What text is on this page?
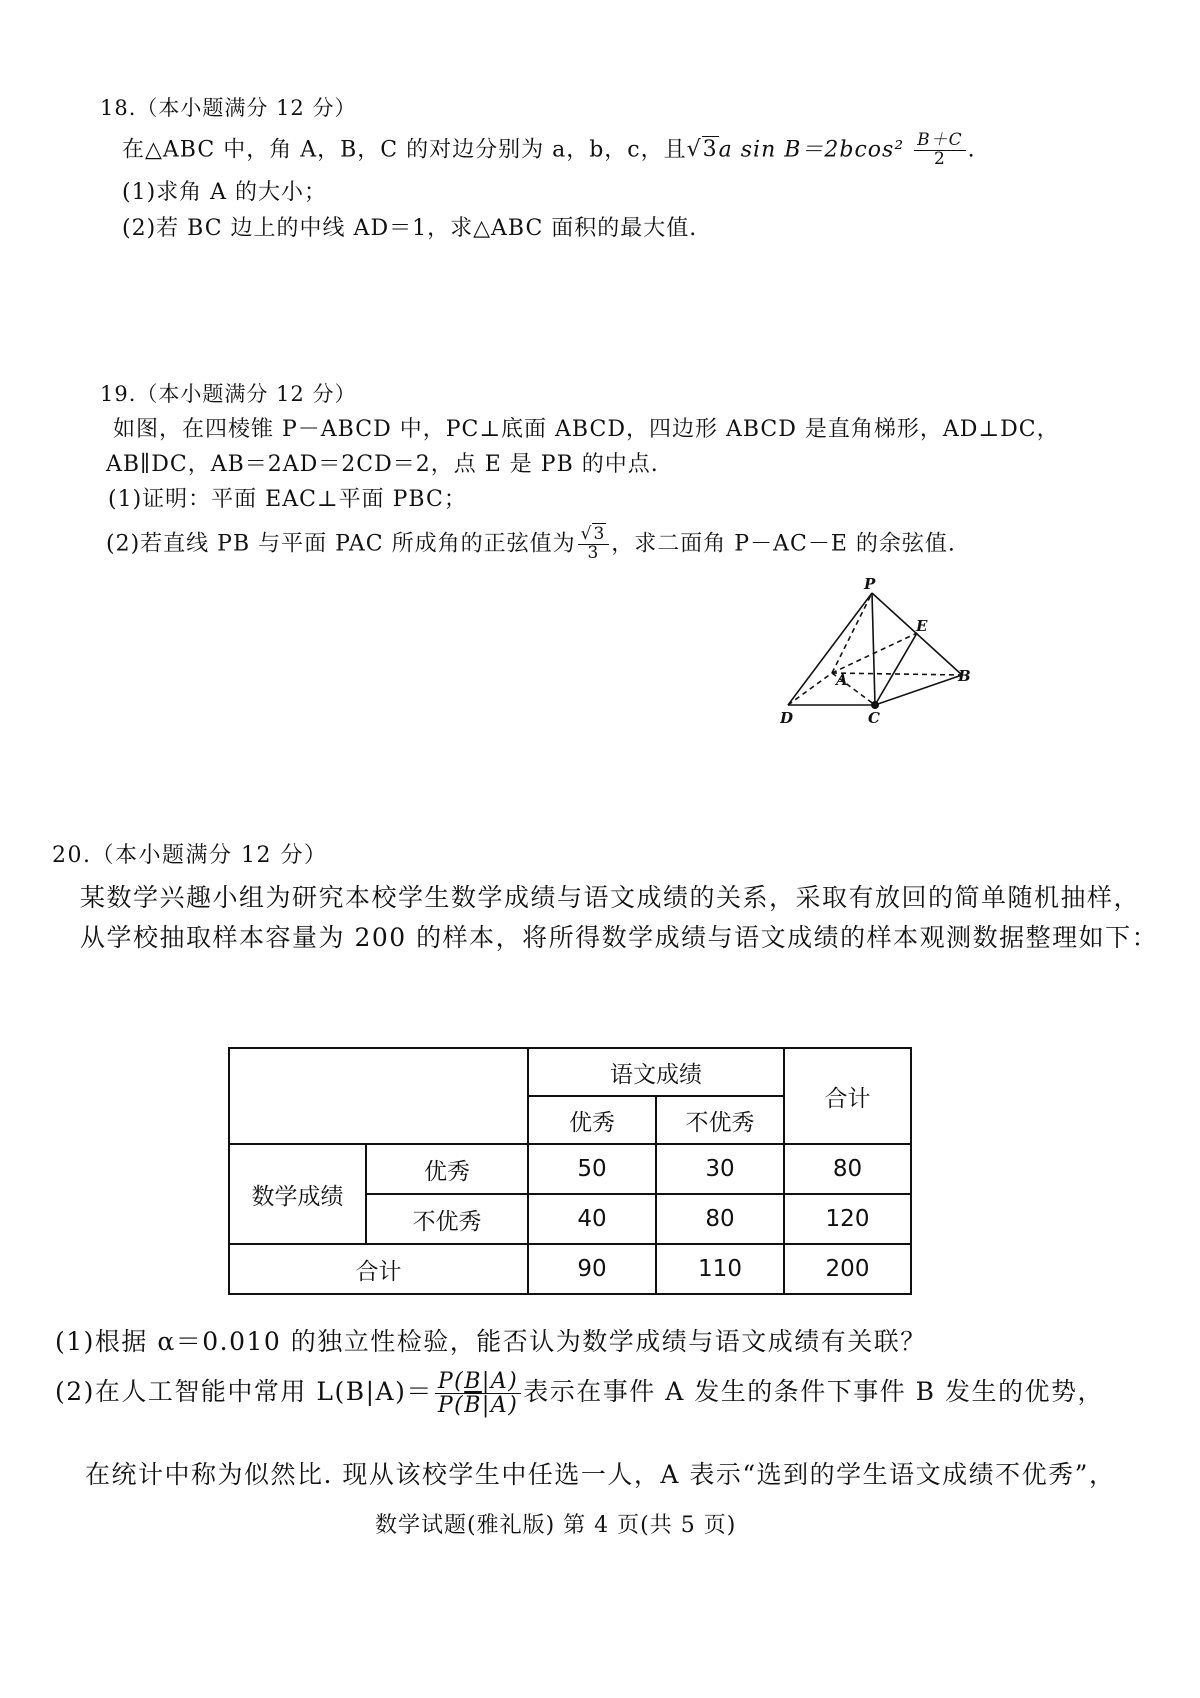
18.（本小题满分 12 分）
在△ABC 中，角 A，B，C 的对边分别为 a，b，c，且√3a $\sin B=2bcos^2 \frac{B+C}{2}$ .
(1)求角 A 的大小；
(2)若 BC 边上的中线 AD＝1，求△ABC 面积的最大值.
19.（本小题满分 12 分）
如图，在四棱锥 P－ABCD 中，PC⊥底面 ABCD，四边形 ABCD 是直角梯形，AD⊥DC，
AB∥DC，AB＝2AD＝2CD＝2，点 E 是 PB 的中点.
(1)证明：平面 EAC⊥平面 PBC；
(2)若直线 PB 与平面 PAC 所成角的正弦值为 $\frac{√3}{3}$ ，求二面角 P－AC－E 的余弦值.
P
E
A	B
C
D
20.（本小题满分 12 分）
某数学兴趣小组为研究本校学生数学成绩与语文成绩的关系，采取有放回的简单随机抽样，
从学校抽取样本容量为 200 的样本，将所得数学成绩与语文成绩的样本观测数据整理如下：
		语文成绩		合计
		优秀	不优秀	
数学成绩	优秀	50	30	80
	不优秀	40	80	120
合计		90	110	200
(1)根据 α＝0.010 的独立性检验，能否认为数学成绩与语文成绩有关联？
(2)在人工智能中常用 $L(B|A)= \frac{P(B|A)}{P(\overline{B}|A)}$ 表示在事件 A 发生的条件下事件 B 发生的优势，
在统计中称为似然比. 现从该校学生中任选一人，A 表示“选到的学生语文成绩不优秀”，
数学试题(雅礼版) 第 4 页(共 5 页)
